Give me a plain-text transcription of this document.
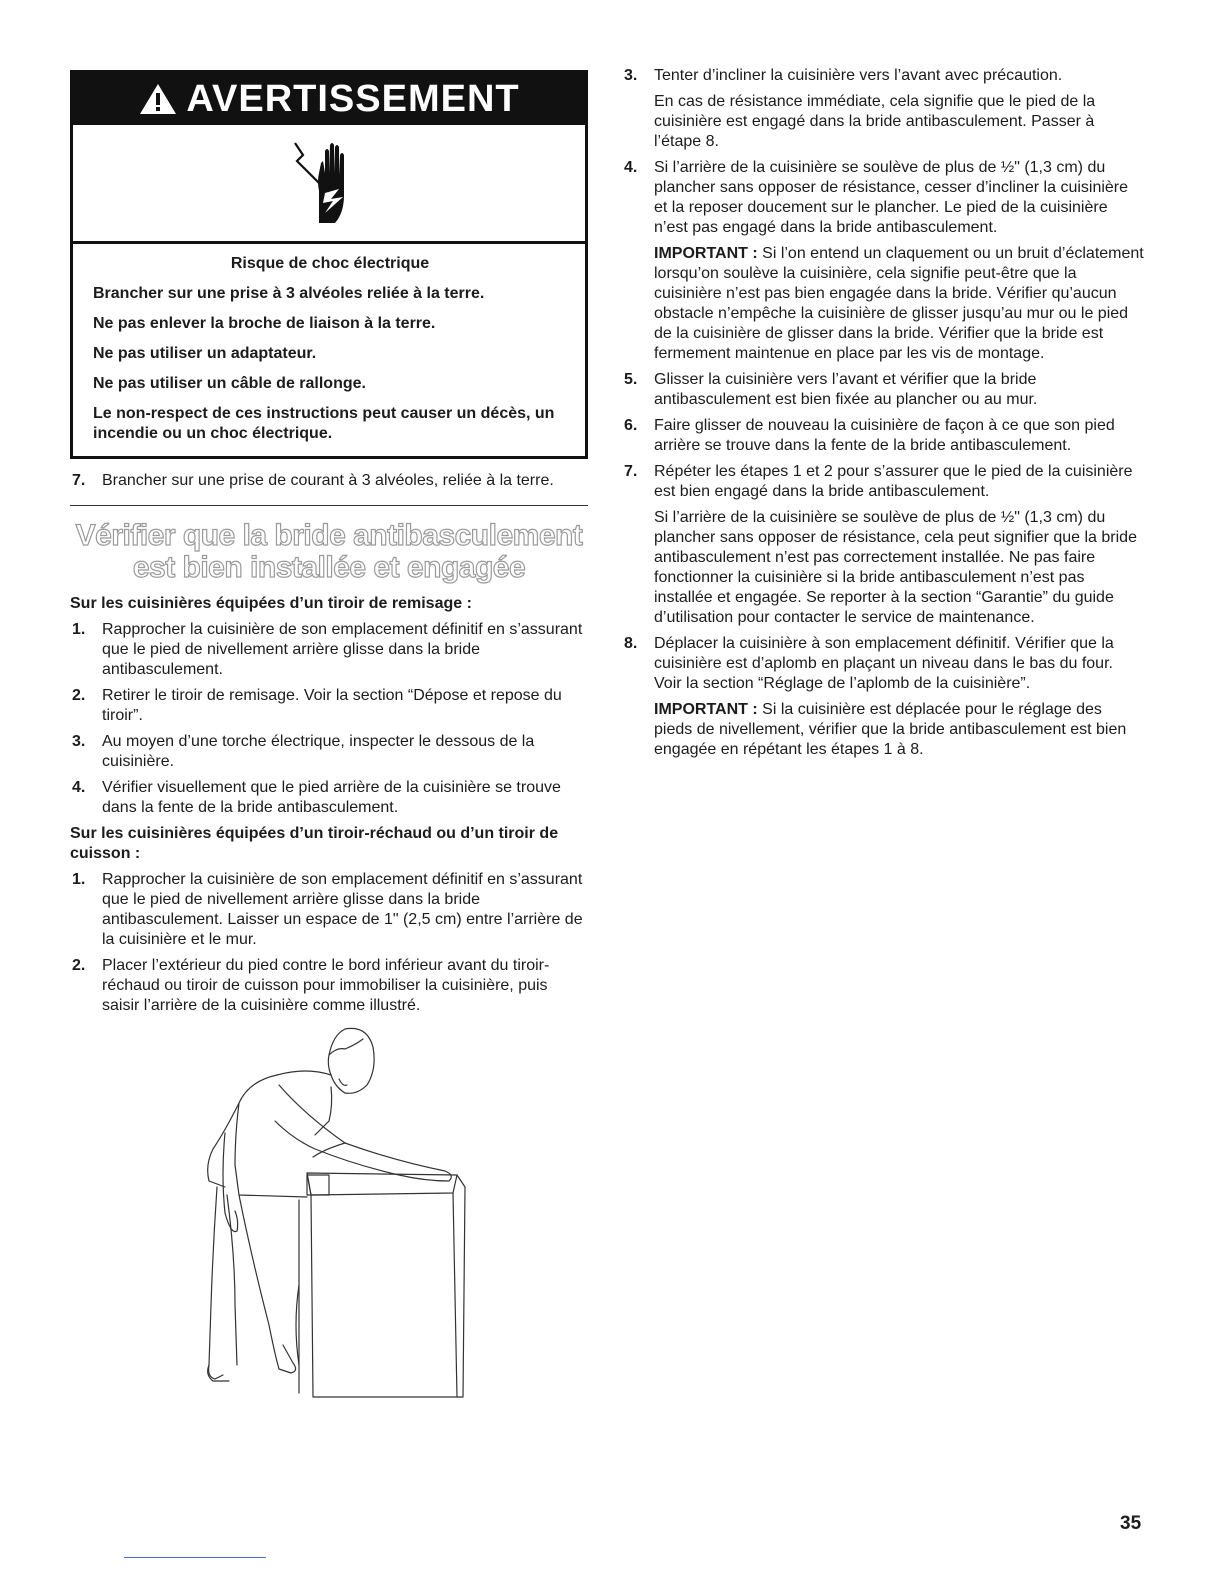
AVERTISSEMENT
Risque de choc électrique

Brancher sur une prise à 3 alvéoles reliée à la terre.

Ne pas enlever la broche de liaison à la terre.

Ne pas utiliser un adaptateur.

Ne pas utiliser un câble de rallonge.

Le non-respect de ces instructions peut causer un décès, un incendie ou un choc électrique.

7. Brancher sur une prise de courant à 3 alvéoles, reliée à la terre.
Vérifier que la bride antibasculement est bien installée et engagée
Sur les cuisinières équipées d’un tiroir de remisage :
1. Rapprocher la cuisinière de son emplacement définitif en s’assurant que le pied de nivellement arrière glisse dans la bride antibasculement.
2. Retirer le tiroir de remisage. Voir la section “Dépose et repose du tiroir”.
3. Au moyen d’une torche électrique, inspecter le dessous de la cuisinière.
4. Vérifier visuellement que le pied arrière de la cuisinière se trouve dans la fente de la bride antibasculement.
Sur les cuisinières équipées d’un tiroir-réchaud ou d’un tiroir de cuisson :
1. Rapprocher la cuisinière de son emplacement définitif en s’assurant que le pied de nivellement arrière glisse dans la bride antibasculement. Laisser un espace de 1" (2,5 cm) entre l’arrière de la cuisinière et le mur.
2. Placer l’extérieur du pied contre le bord inférieur avant du tiroir-réchaud ou tiroir de cuisson pour immobiliser la cuisinière, puis saisir l’arrière de la cuisinière comme illustré.
3. Tenter d’incliner la cuisinière vers l’avant avec précaution.

En cas de résistance immédiate, cela signifie que le pied de la cuisinière est engagé dans la bride antibasculement. Passer à l’étape 8.

4. Si l’arrière de la cuisinière se soulève de plus de ½" (1,3 cm) du plancher sans opposer de résistance, cesser d’incliner la cuisinière et la reposer doucement sur le plancher. Le pied de la cuisinière n’est pas engagé dans la bride antibasculement.

IMPORTANT : Si l’on entend un claquement ou un bruit d’éclatement lorsqu’on soulève la cuisinière, cela signifie peut-être que la cuisinière n’est pas bien engagée dans la bride. Vérifier qu’aucun obstacle n’empêche la cuisinière de glisser jusqu’au mur ou le pied de la cuisinière de glisser dans la bride. Vérifier que la bride est fermement maintenue en place par les vis de montage.

5. Glisser la cuisinière vers l’avant et vérifier que la bride antibasculement est bien fixée au plancher ou au mur.

6. Faire glisser de nouveau la cuisinière de façon à ce que son pied arrière se trouve dans la fente de la bride antibasculement.

7. Répéter les étapes 1 et 2 pour s’assurer que le pied de la cuisinière est bien engagé dans la bride antibasculement.

Si l’arrière de la cuisinière se soulève de plus de ½" (1,3 cm) du plancher sans opposer de résistance, cela peut signifier que la bride antibasculement n’est pas correctement installée. Ne pas faire fonctionner la cuisinière si la bride antibasculement n’est pas installée et engagée. Se reporter à la section “Garantie” du guide d’utilisation pour contacter le service de maintenance.

8. Déplacer la cuisinière à son emplacement définitif. Vérifier que la cuisinière est d’aplomb en plaçant un niveau dans le bas du four. Voir la section “Réglage de l’aplomb de la cuisinière”.

IMPORTANT : Si la cuisinière est déplacée pour le réglage des pieds de nivellement, vérifier que la bride antibasculement est bien engagée en répétant les étapes 1 à 8.

35
